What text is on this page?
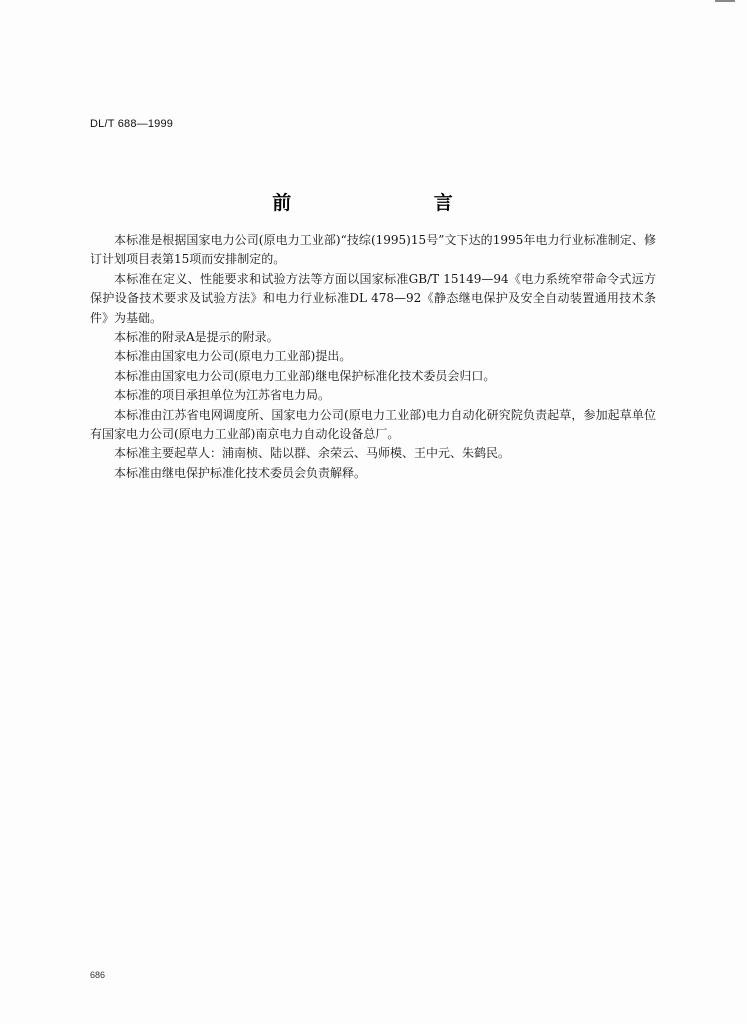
DL/T 688—1999
前 言

本标准是根据国家电力公司(原电力工业部)“技综(1995)15号”文下达的1995年电力行业标准制定、修订计划项目表第15项而安排制定的。

本标准在定义、性能要求和试验方法等方面以国家标准GB/T 15149—94《电力系统窄带命令式远方保护设备技术要求及试验方法》和电力行业标准DL 478—92《静态继电保护及安全自动装置通用技术条件》为基础。

本标准的附录A是提示的附录。

本标准由国家电力公司(原电力工业部)提出。

本标准由国家电力公司(原电力工业部)继电保护标准化技术委员会归口。

本标准的项目承担单位为江苏省电力局。

本标准由江苏省电网调度所、国家电力公司(原电力工业部)电力自动化研究院负责起草，参加起草单位有国家电力公司(原电力工业部)南京电力自动化设备总厂。

本标准主要起草人：浦南桢、陆以群、余荣云、马师模、王中元、朱鹤民。

本标准由继电保护标准化技术委员会负责解释。

686
